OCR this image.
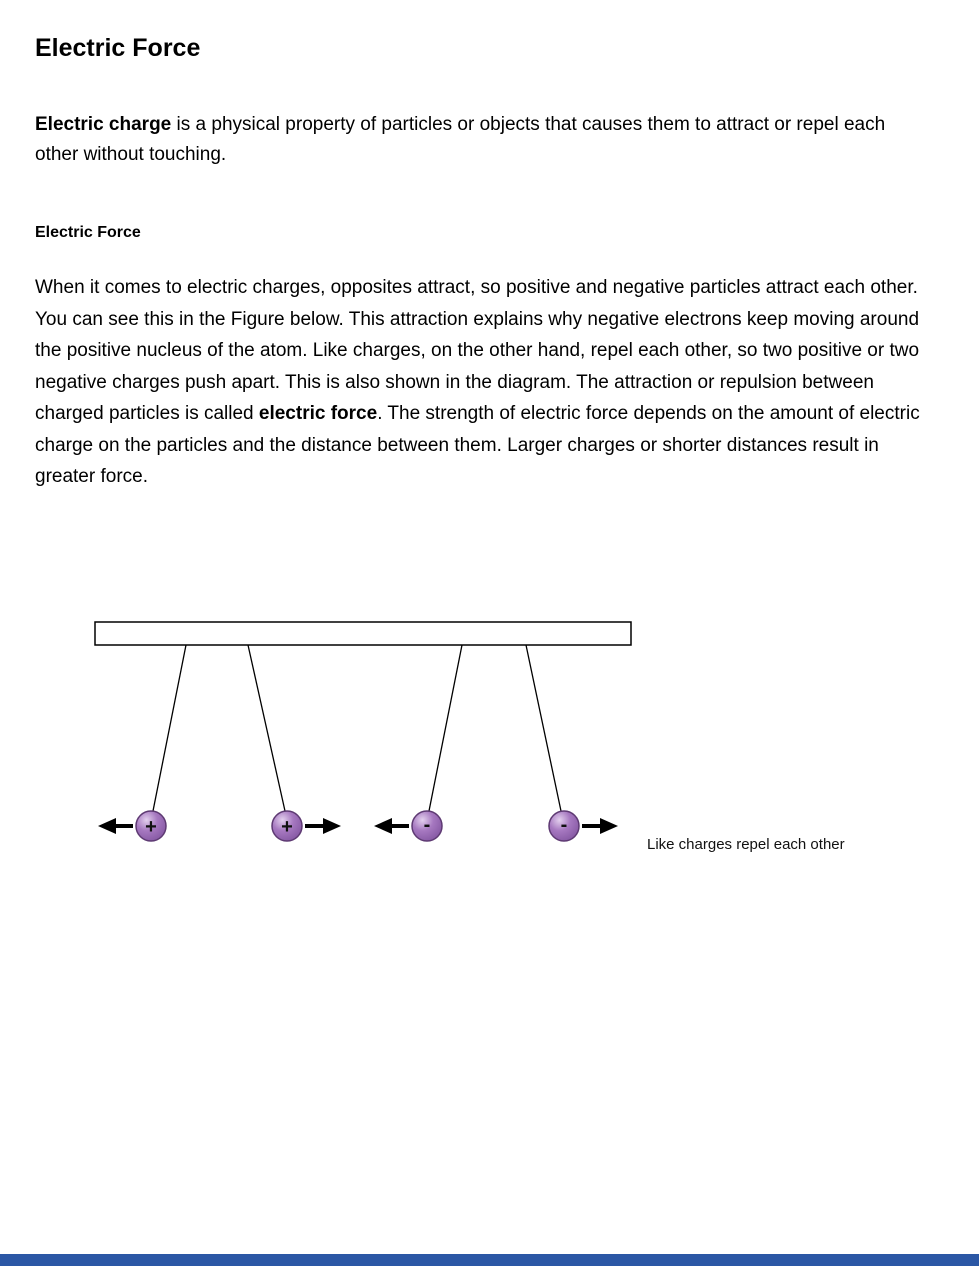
Electric Force

Electric charge is a physical property of particles or objects that causes them to attract or repel each other without touching.

Electric Force

When it comes to electric charges, opposites attract, so positive and negative particles attract each other. You can see this in the Figure below. This attraction explains why negative electrons keep moving around the positive nucleus of the atom. Like charges, on the other hand, repel each other, so two positive or two negative charges push apart. This is also shown in the diagram. The attraction or repulsion between charged particles is called electric force. The strength of electric force depends on the amount of electric charge on the particles and the distance between them. Larger charges or shorter distances result in greater force.

+	+	-	-
Like charges repel each other
